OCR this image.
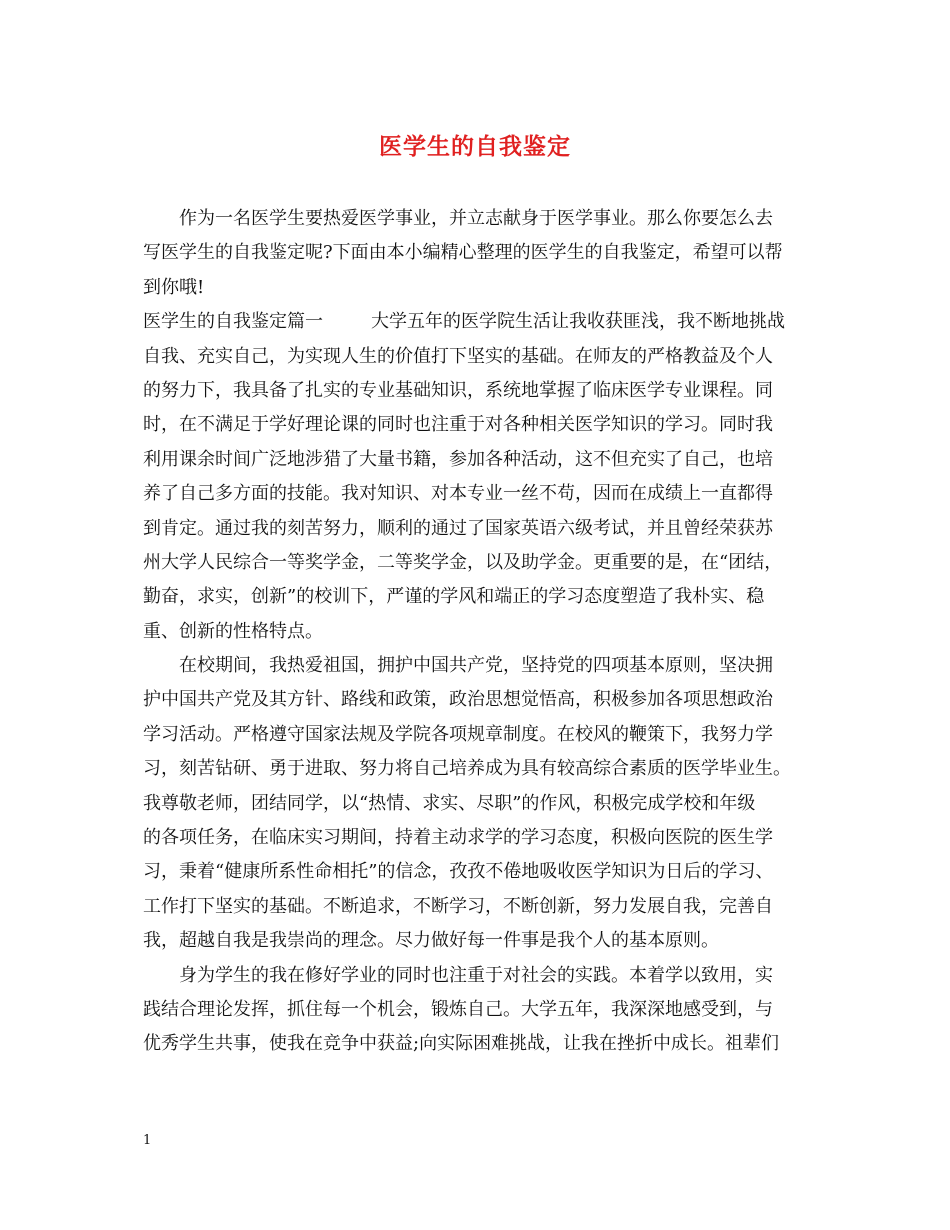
医学生的自我鉴定
作为一名医学生要热爱医学事业，并立志献身于医学事业。那么你要怎么去
写医学生的自我鉴定呢?下面由本小编精心整理的医学生的自我鉴定，希望可以帮
到你哦!
医学生的自我鉴定篇一	大学五年的医学院生活让我收获匪浅，我不断地挑战
自我、充实自己，为实现人生的价值打下坚实的基础。在师友的严格教益及个人
的努力下，我具备了扎实的专业基础知识，系统地掌握了临床医学专业课程。同
时，在不满足于学好理论课的同时也注重于对各种相关医学知识的学习。同时我
利用课余时间广泛地涉猎了大量书籍，参加各种活动，这不但充实了自己，也培
养了自己多方面的技能。我对知识、对本专业一丝不苟，因而在成绩上一直都得
到肯定。通过我的刻苦努力，顺利的通过了国家英语六级考试，并且曾经荣获苏
州大学人民综合一等奖学金，二等奖学金，以及助学金。更重要的是，在“团结，
勤奋，求实，创新”的校训下，严谨的学风和端正的学习态度塑造了我朴实、稳
重、创新的性格特点。
在校期间，我热爱祖国，拥护中国共产党，坚持党的四项基本原则，坚决拥
护中国共产党及其方针、路线和政策，政治思想觉悟高，积极参加各项思想政治
学习活动。严格遵守国家法规及学院各项规章制度。在校风的鞭策下，我努力学
习，刻苦钻研、勇于进取、努力将自己培养成为具有较高综合素质的医学毕业生。
我尊敬老师，团结同学，以“热情、求实、尽职”的作风，积极完成学校和年级
的各项任务，在临床实习期间，持着主动求学的学习态度，积极向医院的医生学
习，秉着“健康所系性命相托”的信念，孜孜不倦地吸收医学知识为日后的学习、
工作打下坚实的基础。不断追求，不断学习，不断创新，努力发展自我，完善自
我，超越自我是我崇尚的理念。尽力做好每一件事是我个人的基本原则。
身为学生的我在修好学业的同时也注重于对社会的实践。本着学以致用，实
践结合理论发挥，抓住每一个机会，锻炼自己。大学五年，我深深地感受到，与
优秀学生共事，使我在竞争中获益;向实际困难挑战，让我在挫折中成长。祖辈们
1
